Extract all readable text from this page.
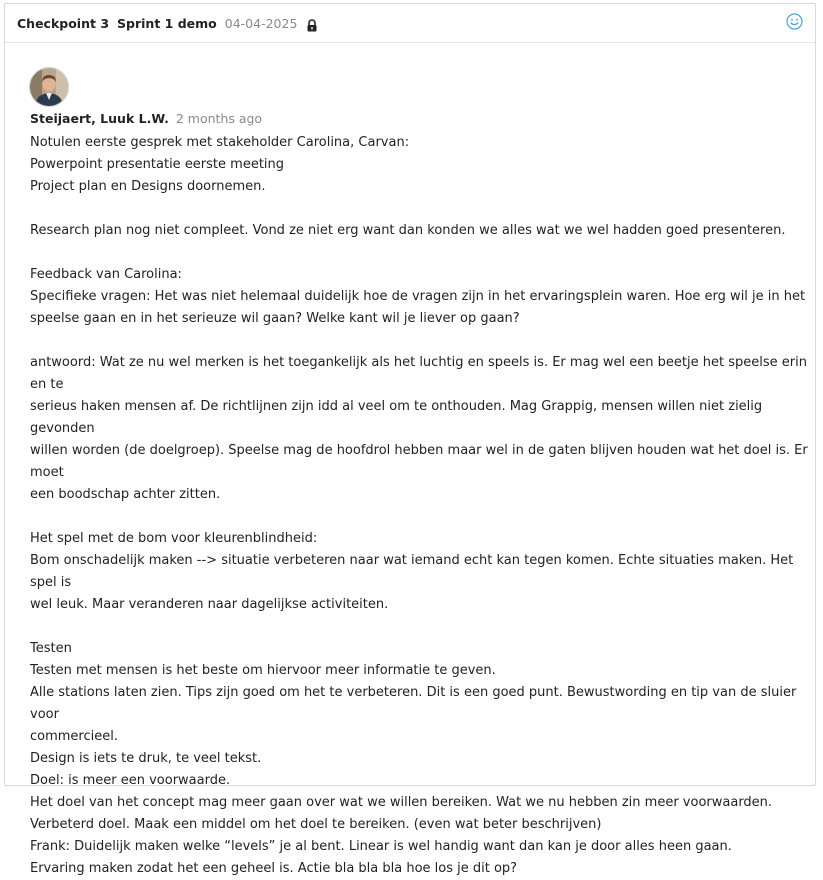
Checkpoint 3 Sprint 1 demo 04-04-2025
Steijaert, Luuk L.W. 2 months ago
Notulen eerste gesprek met stakeholder Carolina, Carvan:
Powerpoint presentatie eerste meeting
Project plan en Designs doornemen.
Research plan nog niet compleet. Vond ze niet erg want dan konden we alles wat we wel hadden goed presenteren.
Feedback van Carolina:
Specifieke vragen: Het was niet helemaal duidelijk hoe de vragen zijn in het ervaringsplein waren. Hoe erg wil je in het
speelse gaan en in het serieuze wil gaan? Welke kant wil je liever op gaan?
antwoord: Wat ze nu wel merken is het toegankelijk als het luchtig en speels is. Er mag wel een beetje het speelse erin en te
serieus haken mensen af. De richtlijnen zijn idd al veel om te onthouden. Mag Grappig, mensen willen niet zielig gevonden
willen worden (de doelgroep). Speelse mag de hoofdrol hebben maar wel in de gaten blijven houden wat het doel is. Er moet
een boodschap achter zitten.
Het spel met de bom voor kleurenblindheid:
Bom onschadelijk maken --> situatie verbeteren naar wat iemand echt kan tegen komen. Echte situaties maken. Het spel is
wel leuk. Maar veranderen naar dagelijkse activiteiten.
Testen
Testen met mensen is het beste om hiervoor meer informatie te geven.
Alle stations laten zien. Tips zijn goed om het te verbeteren. Dit is een goed punt. Bewustwording en tip van de sluier voor
commercieel.
Design is iets te druk, te veel tekst.
Doel: is meer een voorwaarde.
Het doel van het concept mag meer gaan over wat we willen bereiken. Wat we nu hebben zin meer voorwaarden.
Verbeterd doel. Maak een middel om het doel te bereiken. (even wat beter beschrijven)
Frank: Duidelijk maken welke “levels” je al bent. Linear is wel handig want dan kan je door alles heen gaan.
Ervaring maken zodat het een geheel is. Actie bla bla bla hoe los je dit op?
